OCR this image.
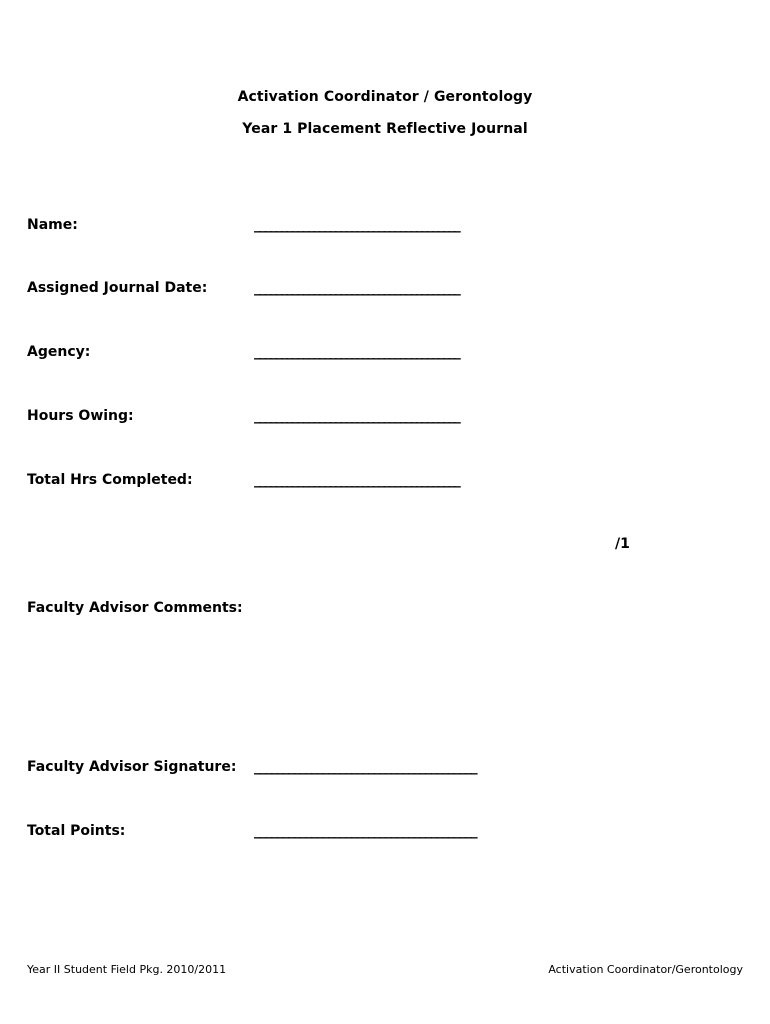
Activation Coordinator / Gerontology
Year 1 Placement Reflective Journal
Name:	______________________________________
Assigned Journal Date:	______________________________________
Agency:	______________________________________
Hours Owing:	______________________________________
Total Hrs Completed:	______________________________________
/1
Faculty Advisor Comments:
Faculty Advisor Signature: _______________________________________
Total Points:	_______________________________________
Year II Student Field Pkg. 2010/2011	Activation Coordinator/Gerontology
